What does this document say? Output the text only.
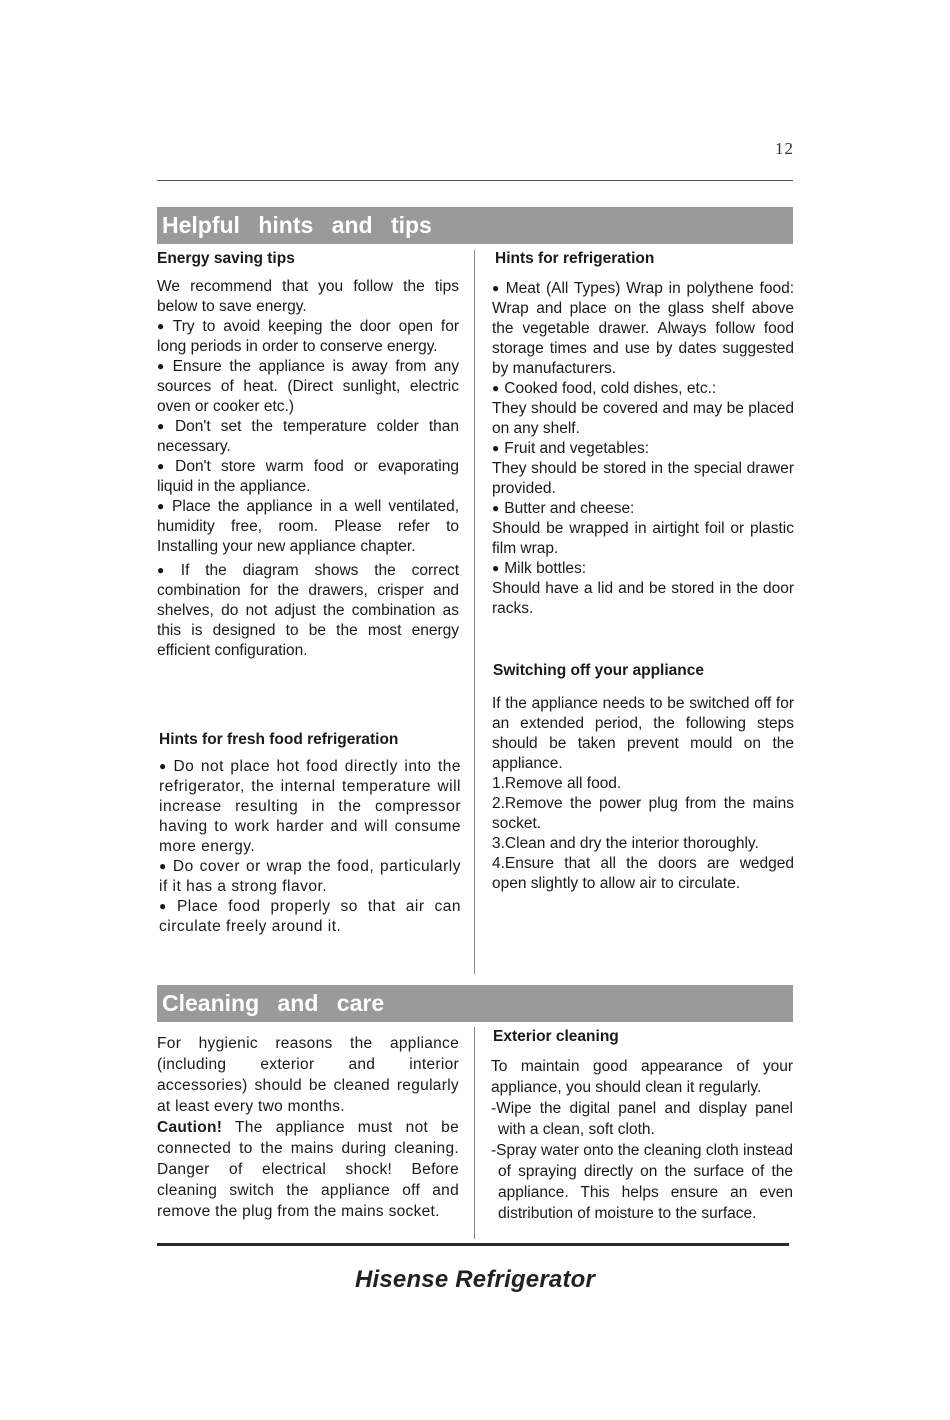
12
Helpful hints and tips
Energy saving tips

We recommend that you follow the tips below to save energy.

● Try to avoid keeping the door open for long periods in order to conserve energy.

● Ensure the appliance is away from any sources of heat. (Direct sunlight, electric oven or cooker etc.)

● Don't set the temperature colder than necessary.

● Don't store warm food or evaporating liquid in the appliance.

● Place the appliance in a well ventilated, humidity free, room. Please refer to Installing your new appliance chapter.

● If the diagram shows the correct combination for the drawers, crisper and shelves, do not adjust the combination as this is designed to be the most energy efficient configuration.

Hints for fresh food refrigeration

● Do not place hot food directly into the refrigerator, the internal temperature will increase resulting in the compressor having to work harder and will consume more energy.

● Do cover or wrap the food, particularly if it has a strong flavor.

● Place food properly so that air can circulate freely around it.

Hints for refrigeration

● Meat (All Types) Wrap in polythene food: Wrap and place on the glass shelf above the vegetable drawer. Always follow food storage times and use by dates suggested by manufacturers.

● Cooked food, cold dishes, etc.:

They should be covered and may be placed on any shelf.

● Fruit and vegetables:

They should be stored in the special drawer provided.

● Butter and cheese:

Should be wrapped in airtight foil or plastic film wrap.

● Milk bottles:

Should have a lid and be stored in the door racks.

Switching off your appliance

If the appliance needs to be switched off for an extended period, the following steps should be taken prevent mould on the appliance.

1.Remove all food.

2.Remove the power plug from the mains socket.

3.Clean and dry the interior thoroughly.

4.Ensure that all the doors are wedged open slightly to allow air to circulate.

Cleaning and care

For hygienic reasons the appliance (including exterior and interior accessories) should be cleaned regularly at least every two months.

Caution! The appliance must not be connected to the mains during cleaning. Danger of electrical shock! Before cleaning switch the appliance off and remove the plug from the mains socket.

Exterior cleaning

To maintain good appearance of your appliance, you should clean it regularly.

-Wipe the digital panel and display panel with a clean, soft cloth.

-Spray water onto the cleaning cloth instead of spraying directly on the surface of the appliance. This helps ensure an even distribution of moisture to the surface.

Hisense Refrigerator
